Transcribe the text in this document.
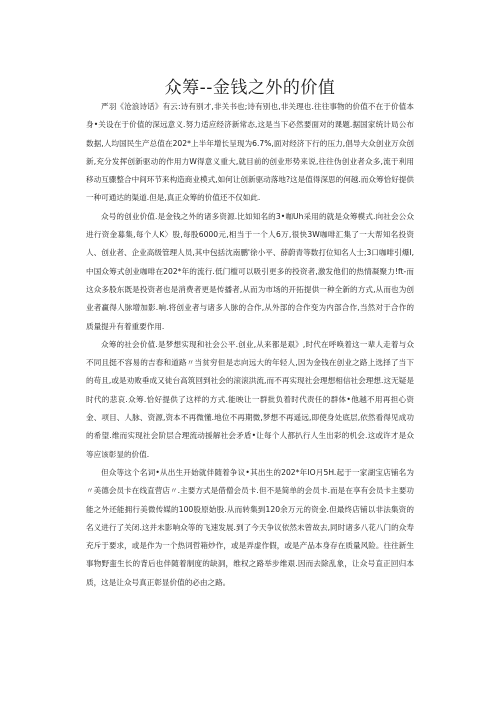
众筹--金钱之外的价值

严羽《沧浪诗话》有云:诗有别才,非关书也;诗有别也,非关理也.往往事物的价值不在于价值本身•关设在于价值的深远意义.努力适应经济新常态,这是当下必然要面对的课题.据国家统计局公布数据,人均国民生产总值在202*上半年增长呈现为6.7%,面对经济下行的压力,倡导大众创业万众创新,充分发挥创新驱动的作用力W得意义重大,就目前的创业形势来说,往往伪创业者众多,流于利用移动互骤整合中间环节来构造商业模式,如何让创新驱动落地?这是值得深思的何越.而众筹恰好提供一种可通达的渠道.但是,真正众筹的价值还不仅如此.

众号的创业价值.是金钱之外的诸多资源.比如知名的3•咖Uh采用的就是众筹模式.向社会公众进行资金募集,每个人K〉股,每股6000元,相当于一个人6万,很快3W咖啡汇集了一大帮知名投资人、创业者、企业高级管理人员,其中包括沈南鹏'徐小平、薛蔚青等数打位知名人士;3口咖啡引爆I,中国众筹式创业咖啡在202*年的流行.低门槛可以吸引更多的投资者,激发他们的热情凝聚力!ft-而这众多股东既是投资者也是消费者更是传播者,从而为市场的开拓提供一种全新的方式,从而也为创业者赢得人脉增加影.响.将创业者与诸多人脉的合作,从外部的合作变为内部合作,当然对于合作的质量提升有着重要作用.

众筹的社会价值.是梦想实现和社会公平.创业,从来都是艰》,时代在呼唤着这一辈人走着与众不同且挺不容易的吉春和道路〃当贫穷但是志向远大的年轻人,因为金钱在创业之路上选择了当下的苟且,或是劝败垂成又徒台高筑回到社会的滚滚洪流,而不再实现社会理想相信社会理想.这无疑是时代的悲哀.众筹.恰好提供了这样的方式.能映让一群批负着时代责任的群体•他越不用再担心资金、项目、人脉、资源,资本不再微懂.地位不再期微,梦想不再遥远,即使身处底层,依然看得见成功的希望.维而实现社会阶层合理流动援解社会矛盾•让每个人都扒行人生出彩的机会.这或许才是众等应该彰显的价值.

但众等这个名词•从出生开始就伴随着争议•其出生的202*年IO月5H.起于一家湖宝店铺名为〃美德会员卡在线直营店〃.主要方式是借僧会员卡.但不是简单的会员卡.而是在享有会员卡主要功能之外还能拥行美微传媒的100股原始股.从而转集到120余万元的资金.但最终店铺以非法集资的名义进行了关闭.这并未影响众等的飞速发展.到了今天争议依然未曾故去,同时诸多八花八门的众寿充斥于要求，或是作为一个热词哲箱炒作，或是弄虚作假，或是产品本身存在质量风险。往往新生事物野蛮生长的背后也伴随着制度的缺洞，维权之路举步维艰.因而去除乱象，让众号直正回归本质，这是让众号真正彰显价值的必由之路。
